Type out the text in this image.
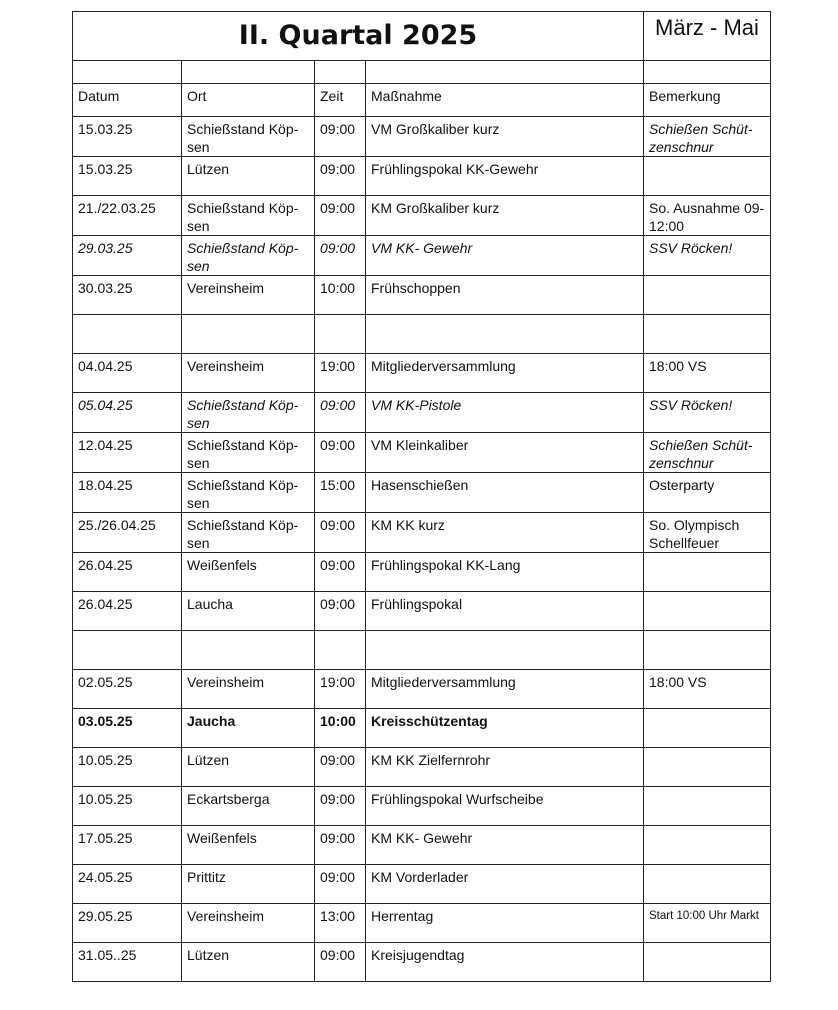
II. Quartal 2025				März - Mai

Datum	Ort	Zeit	Maßnahme	Bemerkung
15.03.25	Schießstand Köp-sen	09:00	VM Großkaliber kurz	Schießen Schüt-zenschnur
15.03.25	Lützen	09:00	Frühlingspokal KK-Gewehr	
21./22.03.25	Schießstand Köp-sen	09:00	KM Großkaliber kurz	So. Ausnahme 09-12:00
29.03.25	Schießstand Köp-sen	09:00	VM KK- Gewehr	SSV Röcken!
30.03.25	Vereinsheim	10:00	Frühschoppen	

04.04.25	Vereinsheim	19:00	Mitgliederversammlung	18:00 VS
05.04.25	Schießstand Köp-sen	09:00	VM KK-Pistole	SSV Röcken!
12.04.25	Schießstand Köp-sen	09:00	VM Kleinkaliber	Schießen Schüt-zenschnur
18.04.25	Schießstand Köp-sen	15:00	Hasenschießen	Osterparty
25./26.04.25	Schießstand Köp-sen	09:00	KM KK kurz	So. Olympisch Schellfeuer
26.04.25	Weißenfels	09:00	Frühlingspokal KK-Lang	
26.04.25	Laucha	09:00	Frühlingspokal	

02.05.25	Vereinsheim	19:00	Mitgliederversammlung	18:00 VS
03.05.25	Jaucha	10:00	Kreisschützentag	
10.05.25	Lützen	09:00	KM KK Zielfernrohr	
10.05.25	Eckartsberga	09:00	Frühlingspokal Wurfscheibe	
17.05.25	Weißenfels	09:00	KM KK- Gewehr	
24.05.25	Prittitz	09:00	KM Vorderlader	
29.05.25	Vereinsheim	13:00	Herrentag	Start 10:00 Uhr Markt
31.05..25	Lützen	09:00	Kreisjugendtag	
